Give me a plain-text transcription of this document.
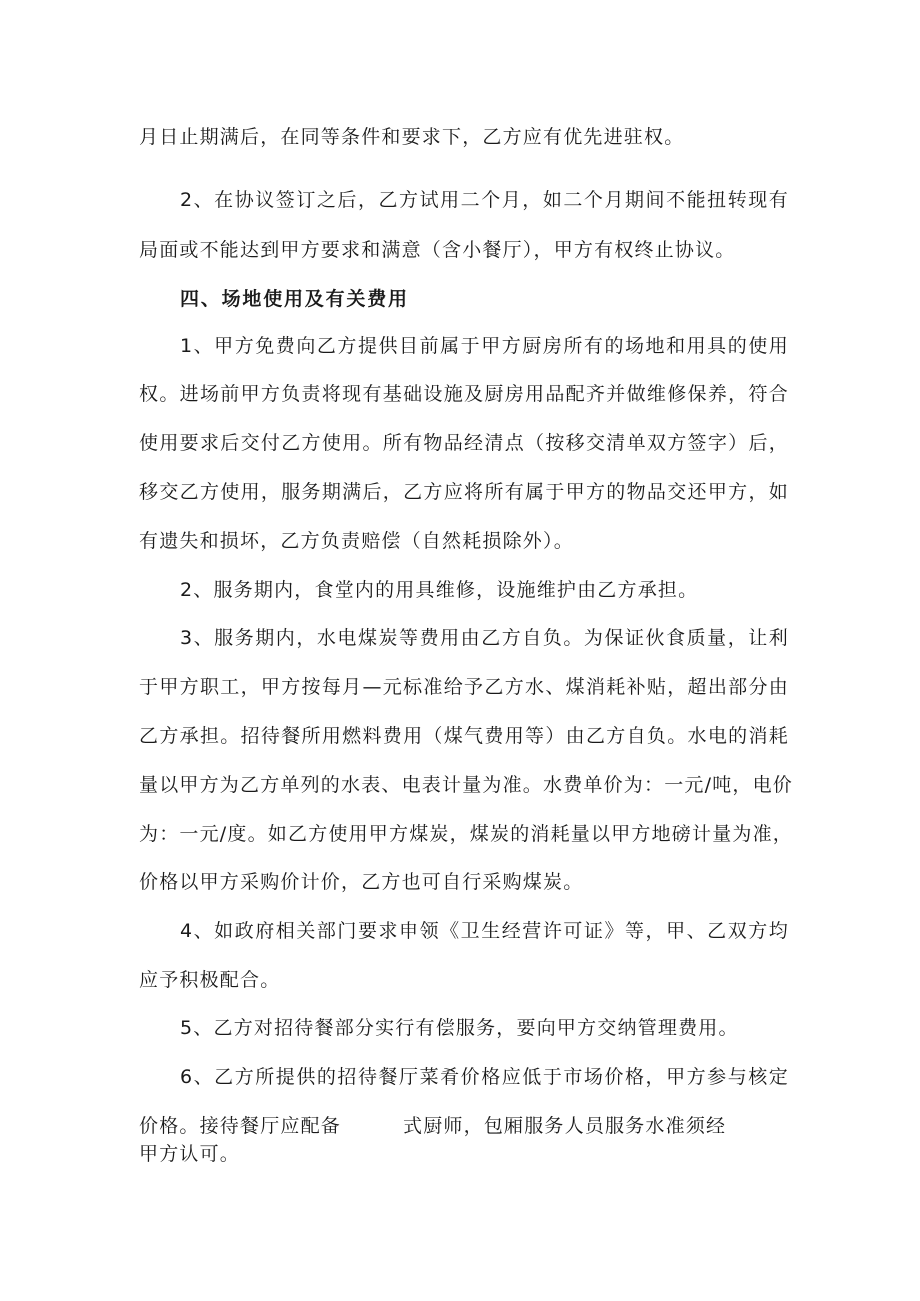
月日止期满后，在同等条件和要求下，乙方应有优先进驻权。
2、在协议签订之后，乙方试用二个月，如二个月期间不能扭转现有
局面或不能达到甲方要求和满意（含小餐厅），甲方有权终止协议。
四、场地使用及有关费用
1、甲方免费向乙方提供目前属于甲方厨房所有的场地和用具的使用
权。进场前甲方负责将现有基础设施及厨房用品配齐并做维修保养，符合
使用要求后交付乙方使用。所有物品经清点（按移交清单双方签字）后，
移交乙方使用，服务期满后，乙方应将所有属于甲方的物品交还甲方，如
有遗失和损坏，乙方负责赔偿（自然耗损除外）。
2、服务期内，食堂内的用具维修，设施维护由乙方承担。
3、服务期内，水电煤炭等费用由乙方自负。为保证伙食质量，让利
于甲方职工，甲方按每月—元标准给予乙方水、煤消耗补贴，超出部分由
乙方承担。招待餐所用燃料费用（煤气费用等）由乙方自负。水电的消耗
量以甲方为乙方单列的水表、电表计量为准。水费单价为：一元/吨，电价
为：一元/度。如乙方使用甲方煤炭，煤炭的消耗量以甲方地磅计量为准，
价格以甲方采购价计价，乙方也可自行采购煤炭。
4、如政府相关部门要求申领《卫生经营许可证》等，甲、乙双方均
应予积极配合。
5、乙方对招待餐部分实行有偿服务，要向甲方交纳管理费用。
6、乙方所提供的招待餐厅菜肴价格应低于市场价格，甲方参与核定
价格。接待餐厅应配备	式厨师，包厢服务人员服务水准须经
甲方认可。
